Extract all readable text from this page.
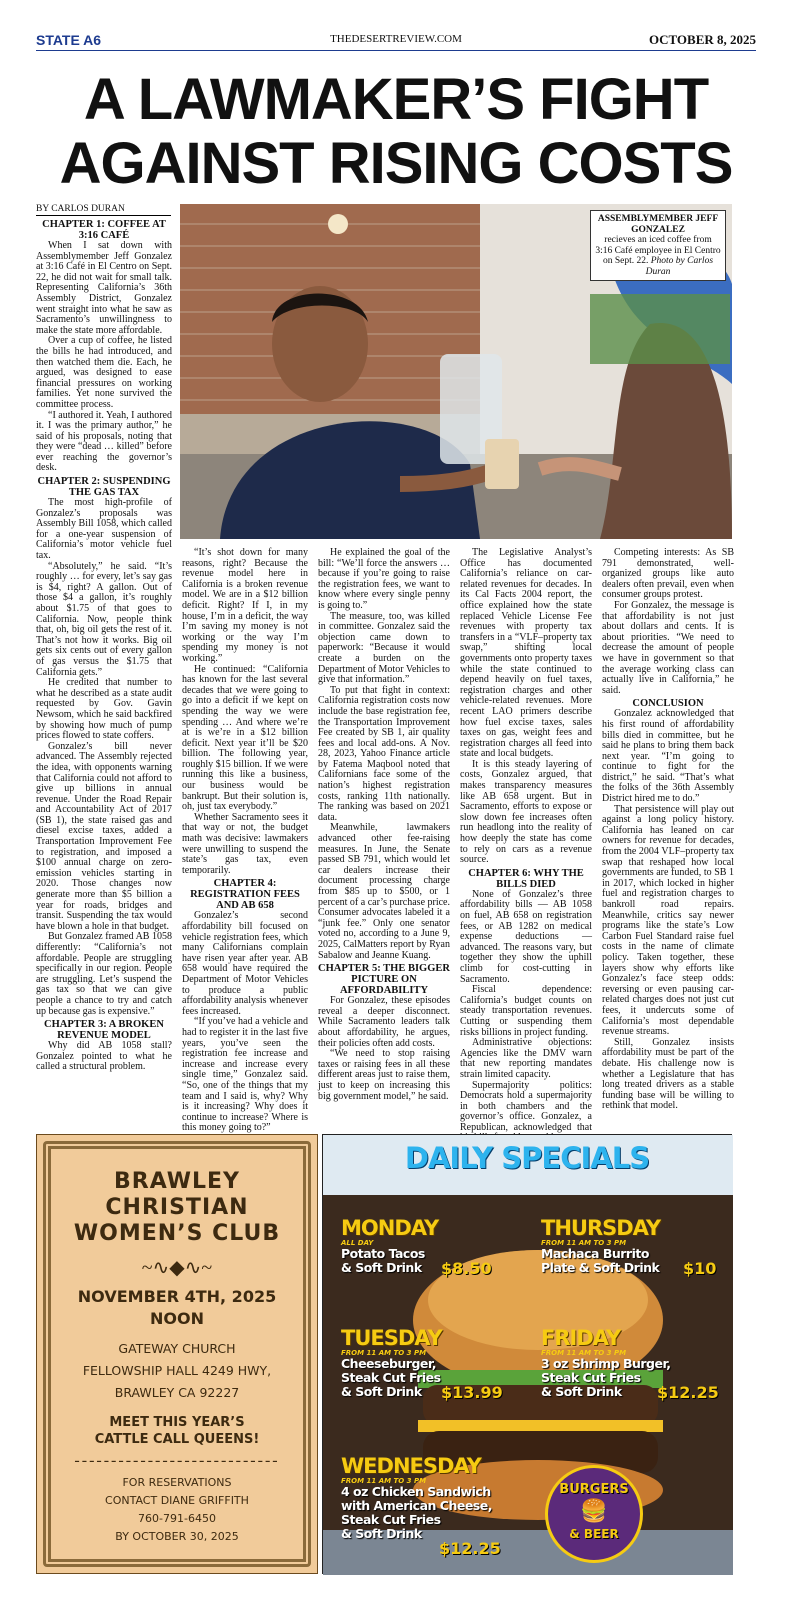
STATE A6	THEDESERTREVIEW.COM	OCTOBER 8, 2025
A LAWMAKER’S FIGHT AGAINST RISING COSTS
BY CARLOS DURAN
CHAPTER 1: COFFEE AT 3:16 CAFÉ

When I sat down with Assemblymember Jeff Gonzalez at 3:16 Café in El Centro on Sept. 22, he did not wait for small talk. Representing California’s 36th Assembly District, Gonzalez went straight into what he saw as Sacramento’s unwillingness to make the state more affordable.

Over a cup of coffee, he listed the bills he had introduced, and then watched them die. Each, he argued, was designed to ease financial pressures on working families. Yet none survived the committee process.

“I authored it. Yeah, I authored it. I was the primary author,” he said of his proposals, noting that they were “dead … killed” before ever reaching the governor’s desk.

CHAPTER 2: SUSPENDING THE GAS TAX

The most high-profile of Gonzalez’s proposals was Assembly Bill 1058, which called for a one-year suspension of California’s motor vehicle fuel tax.

“Absolutely,” he said. “It’s roughly … for every, let’s say gas is $4, right? A gallon. Out of those $4 a gallon, it’s roughly about $1.75 of that goes to California. Now, people think that, oh, big oil gets the rest of it. That’s not how it works. Big oil gets six cents out of every gallon of gas versus the $1.75 that California gets.”

He credited that number to what he described as a state audit requested by Gov. Gavin Newsom, which he said backfired by showing how much of pump prices flowed to state coffers.

Gonzalez’s bill never advanced. The Assembly rejected the idea, with opponents warning that California could not afford to give up billions in annual revenue. Under the Road Repair and Accountability Act of 2017 (SB 1), the state raised gas and diesel excise taxes, added a Transportation Improvement Fee to registration, and imposed a $100 annual charge on zero-emission vehicles starting in 2020. Those changes now generate more than $5 billion a year for roads, bridges and transit. Suspending the tax would have blown a hole in that budget.

But Gonzalez framed AB 1058 differently: “California’s not affordable. People are struggling specifically in our region. People are struggling. Let’s suspend the gas tax so that we can give people a chance to try and catch up because gas is expensive.”

CHAPTER 3: A BROKEN REVENUE MODEL

Why did AB 1058 stall? Gonzalez pointed to what he called a structural problem.

ASSEMBLYMEMBER JEFF GONZALEZ
recieves an iced coffee from 3:16 Café employee in El Centro on Sept. 22. Photo by Carlos Duran

“It’s shot down for many reasons, right? Because the revenue model here in California is a broken revenue model. We are in a $12 billion deficit. Right? If I, in my house, I’m in a deficit, the way I’m saving my money is not working or the way I’m spending my money is not working.”

He continued: “California has known for the last several decades that we were going to go into a deficit if we kept on spending the way we were spending … And where we’re at is we’re in a $12 billion deficit. Next year it’ll be $20 billion. The following year, roughly $15 billion. If we were running this like a business, our business would be bankrupt. But their solution is, oh, just tax everybody.”

Whether Sacramento sees it that way or not, the budget math was decisive: lawmakers were unwilling to suspend the state’s gas tax, even temporarily.

CHAPTER 4: REGISTRATION FEES AND AB 658

Gonzalez’s second affordability bill focused on vehicle registration fees, which many Californians complain have risen year after year. AB 658 would have required the Department of Motor Vehicles to produce a public affordability analysis whenever fees increased.

“If you’ve had a vehicle and had to register it in the last five years, you’ve seen the registration fee increase and increase and increase every single time,” Gonzalez said. “So, one of the things that my team and I said is, why? Why is it increasing? Why does it continue to increase? Where is this money going to?”

He explained the goal of the bill: “We’ll force the answers … because if you’re going to raise the registration fees, we want to know where every single penny is going to.”

The measure, too, was killed in committee. Gonzalez said the objection came down to paperwork: “Because it would create a burden on the Department of Motor Vehicles to give that information.”

To put that fight in context: California registration costs now include the base registration fee, the Transportation Improvement Fee created by SB 1, air quality fees and local add-ons. A Nov. 28, 2023, Yahoo Finance article by Fatema Maqbool noted that Californians face some of the nation’s highest registration costs, ranking 11th nationally. The ranking was based on 2021 data.

Meanwhile, lawmakers advanced other fee-raising measures. In June, the Senate passed SB 791, which would let car dealers increase their document processing charge from $85 up to $500, or 1 percent of a car’s purchase price. Consumer advocates labeled it a “junk fee.” Only one senator voted no, according to a June 9, 2025, CalMatters report by Ryan Sabalow and Jeanne Kuang.

CHAPTER 5: THE BIGGER PICTURE ON AFFORDABILITY

For Gonzalez, these episodes reveal a deeper disconnect. While Sacramento leaders talk about affordability, he argues, their policies often add costs.

“We need to stop raising taxes or raising fees in all these different areas just to raise them, just to keep on increasing this big government model,” he said.

The Legislative Analyst’s Office has documented California’s reliance on car-related revenues for decades. In its Cal Facts 2004 report, the office explained how the state replaced Vehicle License Fee revenues with property tax transfers in a “VLF–property tax swap,” shifting local governments onto property taxes while the state continued to depend heavily on fuel taxes, registration charges and other vehicle-related revenues. More recent LAO primers describe how fuel excise taxes, sales taxes on gas, weight fees and registration charges all feed into state and local budgets.

It is this steady layering of costs, Gonzalez argued, that makes transparency measures like AB 658 urgent. But in Sacramento, efforts to expose or slow down fee increases often run headlong into the reality of how deeply the state has come to rely on cars as a revenue source.

CHAPTER 6: WHY THE BILLS DIED

None of Gonzalez’s three affordability bills — AB 1058 on fuel, AB 658 on registration fees, or AB 1282 on medical expense deductions — advanced. The reasons vary, but together they show the uphill climb for cost-cutting in Sacramento.

Fiscal dependence: California’s budget counts on steady transportation revenues. Cutting or suspending them risks billions in project funding.

Administrative objections: Agencies like the DMV warn that new reporting mandates strain limited capacity.

Supermajority politics: Democrats hold a supermajority in both chambers and the governor’s office. Gonzalez, a Republican, acknowledged that

Competing interests: As SB 791 demonstrated, well-organized groups like auto dealers often prevail, even when consumer groups protest.

For Gonzalez, the message is that affordability is not just about dollars and cents. It is about priorities. “We need to decrease the amount of people we have in government so that the average working class can actually live in California,” he said.

CONCLUSION

Gonzalez acknowledged that his first round of affordability bills died in committee, but he said he plans to bring them back next year. “I’m going to continue to fight for the district,” he said. “That’s what the folks of the 36th Assembly District hired me to do.”

That persistence will play out against a long policy history. California has leaned on car owners for revenue for decades, from the 2004 VLF–property tax swap that reshaped how local governments are funded, to SB 1 in 2017, which locked in higher fuel and registration charges to bankroll road repairs. Meanwhile, critics say newer programs like the state’s Low Carbon Fuel Standard raise fuel costs in the name of climate policy. Taken together, these layers show why efforts like Gonzalez’s face steep odds: reversing or even pausing car-related charges does not just cut fees, it undercuts some of California’s most dependable revenue streams.

Still, Gonzalez insists affordability must be part of the debate. His challenge now is whether a Legislature that has long treated drivers as a stable funding base will be willing to rethink that model.

BRAWLEY
CHRISTIAN
WOMEN’S CLUB
~∿◆∿~
NOVEMBER 4TH, 2025
NOON
GATEWAY CHURCH
FELLOWSHIP HALL 4249 HWY,
BRAWLEY CA 92227
MEET THIS YEAR’S
CATTLE CALL QUEENS!
----------------------------
FOR RESERVATIONS
CONTACT DIANE GRIFFITH
760-791-6450
BY OCTOBER 30, 2025
DAILY SPECIALS
MONDAY
ALL DAY
Potato Tacos
& Soft Drink	$8.50
THURSDAY
FROM 11 AM TO 3 PM
Machaca Burrito
Plate & Soft Drink	$10
TUESDAY
FROM 11 AM TO 3 PM
Cheeseburger,
Steak Cut Fries
& Soft Drink	$13.99
FRIDAY
FROM 11 AM TO 3 PM
3 oz Shrimp Burger,
Steak Cut Fries
& Soft Drink	$12.25
WEDNESDAY
FROM 11 AM TO 3 PM
4 oz Chicken Sandwich
with American Cheese,
Steak Cut Fries
& Soft Drink
$12.25
BURGERS
🍔
& BEER
